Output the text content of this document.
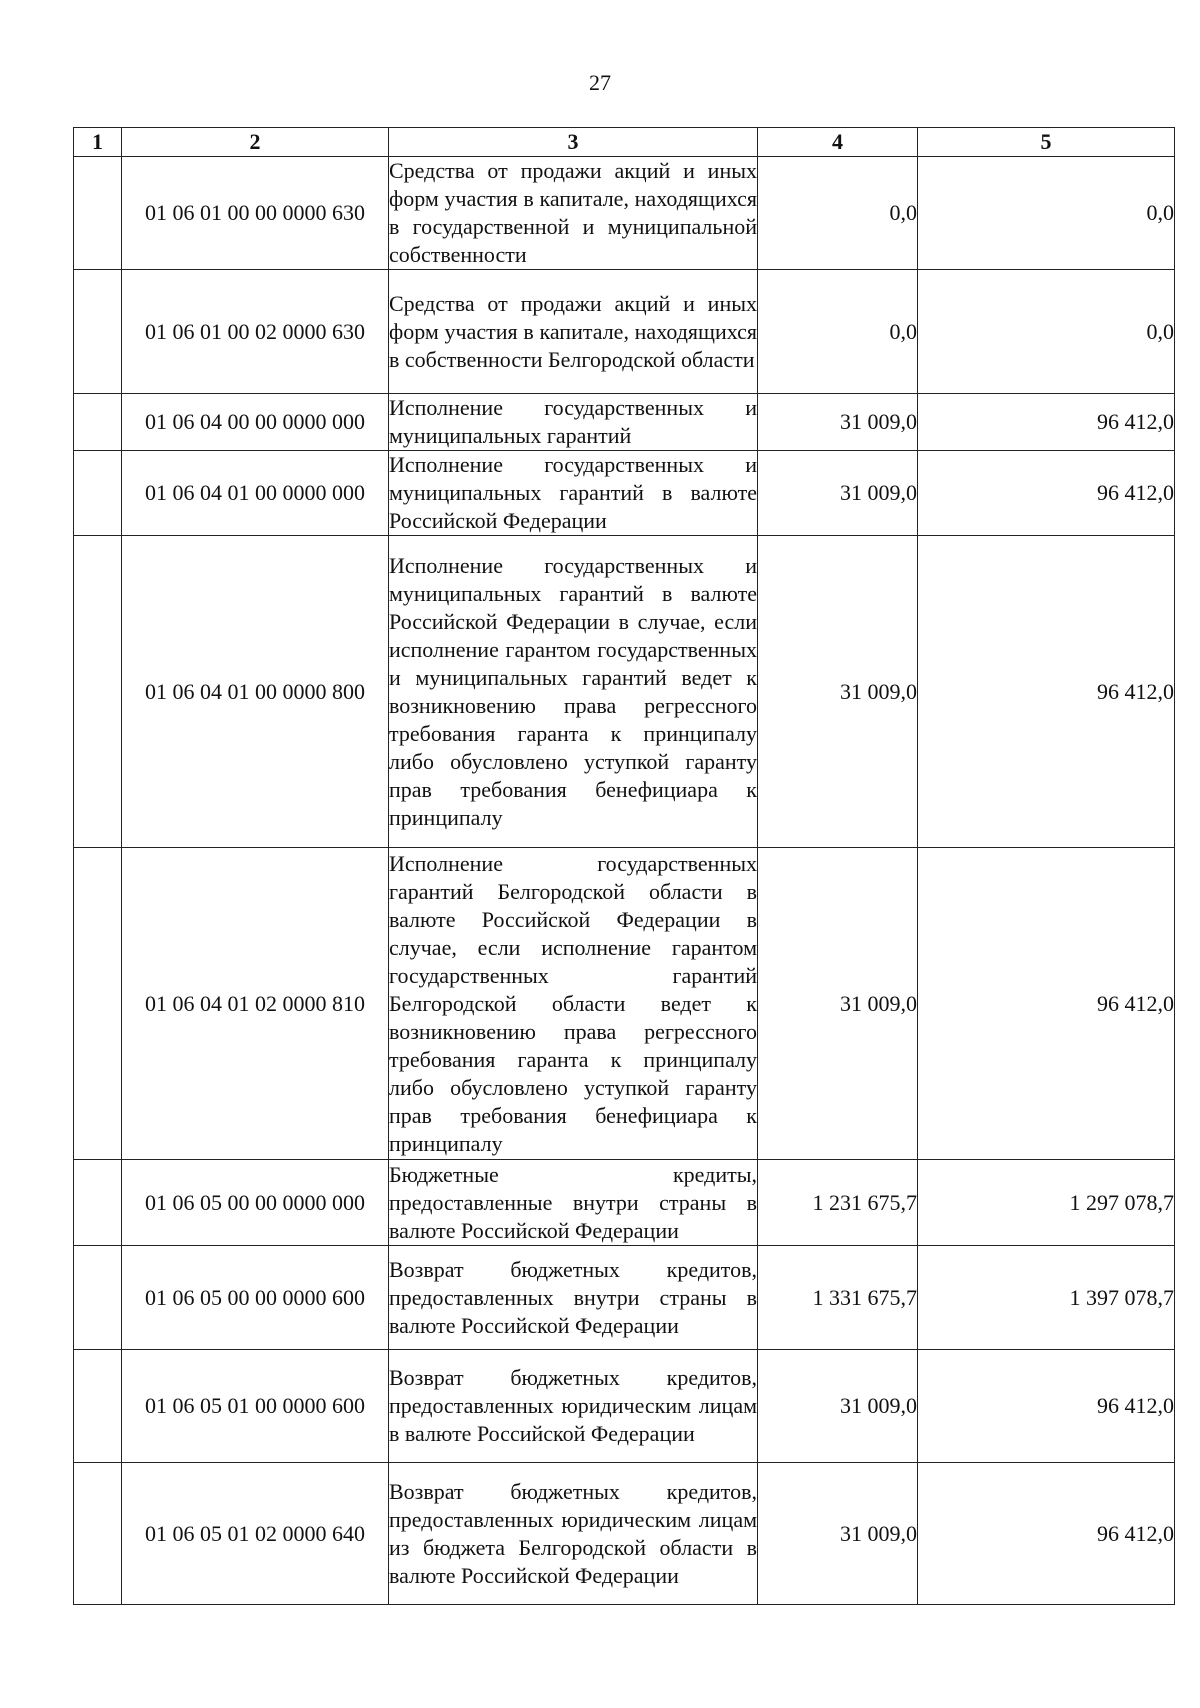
27
1	2	3	4	5
	01 06 01 00 00 0000 630	Средства от продажи акций и иных форм участия в капитале, находящихся в государственной и муниципальной собственности	0,0	0,0
	01 06 01 00 02 0000 630	Средства от продажи акций и иных форм участия в капитале, находящихся в собственности Белгородской области	0,0	0,0
	01 06 04 00 00 0000 000	Исполнение государственных и муниципальных гарантий	31 009,0	96 412,0
	01 06 04 01 00 0000 000	Исполнение государственных и муниципальных гарантий в валюте Российской Федерации	31 009,0	96 412,0
	01 06 04 01 00 0000 800	Исполнение государственных и муниципальных гарантий в валюте Российской Федерации в случае, если исполнение гарантом государственных и муниципальных гарантий ведет к возникновению права регрессного требования гаранта к принципалу либо обусловлено уступкой гаранту прав требования бенефициара к принципалу	31 009,0	96 412,0
	01 06 04 01 02 0000 810	Исполнение государственных гарантий Белгородской области в валюте Российской Федерации в случае, если исполнение гарантом государственных гарантий Белгородской области ведет к возникновению права регрессного требования гаранта к принципалу либо обусловлено уступкой гаранту прав требования бенефициара к принципалу	31 009,0	96 412,0
	01 06 05 00 00 0000 000	Бюджетные кредиты, предоставленные внутри страны в валюте Российской Федерации	1 231 675,7	1 297 078,7
	01 06 05 00 00 0000 600	Возврат бюджетных кредитов, предоставленных внутри страны в валюте Российской Федерации	1 331 675,7	1 397 078,7
	01 06 05 01 00 0000 600	Возврат бюджетных кредитов, предоставленных юридическим лицам в валюте Российской Федерации	31 009,0	96 412,0
	01 06 05 01 02 0000 640	Возврат бюджетных кредитов, предоставленных юридическим лицам из бюджета Белгородской области в валюте Российской Федерации	31 009,0	96 412,0
